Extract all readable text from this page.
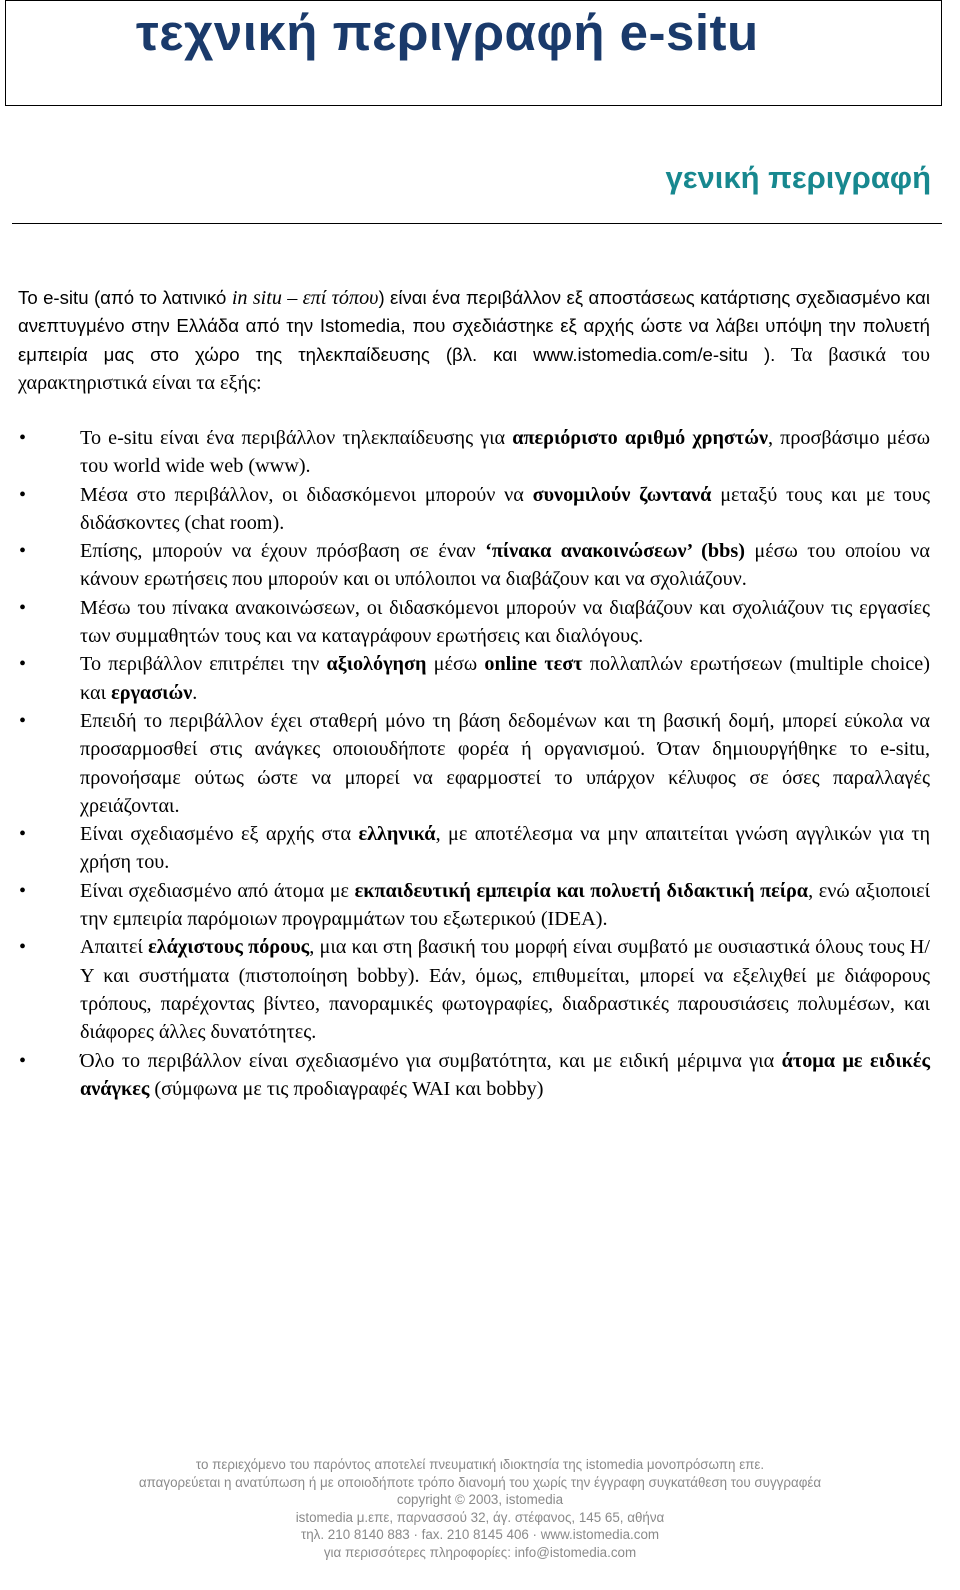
τεχνική περιγραφή e-situ
γενική περιγραφή

Το e-situ (από το λατινικό in situ – επί τόπου) είναι ένα περιβάλλον εξ αποστάσεως κατάρτισης σχεδιασμένο και ανεπτυγμένο στην Ελλάδα από την Istomedia, που σχεδιάστηκε εξ αρχής ώστε να λάβει υπόψη την πολυετή εμπειρία μας στο χώρο της τηλεκπαίδευσης (βλ. και www.istomedia.com/e-situ ). Τα βασικά του χαρακτηριστικά είναι τα εξής:

•	Το e-situ είναι ένα περιβάλλον τηλεκπαίδευσης για απεριόριστο αριθμό χρηστών, προσβάσιμο μέσω του world wide web (www).
•	Μέσα στο περιβάλλον, οι διδασκόμενοι μπορούν να συνομιλούν ζωντανά μεταξύ τους και με τους διδάσκοντες (chat room).
•	Επίσης, μπορούν να έχουν πρόσβαση σε έναν ‘πίνακα ανακοινώσεων’ (bbs) μέσω του οποίου να κάνουν ερωτήσεις που μπορούν και οι υπόλοιποι να διαβάζουν και να σχολιάζουν.
•	Μέσω του πίνακα ανακοινώσεων, οι διδασκόμενοι μπορούν να διαβάζουν και σχολιάζουν τις εργασίες των συμμαθητών τους και να καταγράφουν ερωτήσεις και διαλόγους.
•	Το περιβάλλον επιτρέπει την αξιολόγηση μέσω online τεστ πολλαπλών ερωτήσεων (multiple choice) και εργασιών.
•	Επειδή το περιβάλλον έχει σταθερή μόνο τη βάση δεδομένων και τη βασική δομή, μπορεί εύκολα να προσαρμοσθεί στις ανάγκες οποιουδήποτε φορέα ή οργανισμού. Όταν δημιουργήθηκε το e-situ, προνοήσαμε ούτως ώστε να μπορεί να εφαρμοστεί το υπάρχον κέλυφος σε όσες παραλλαγές χρειάζονται.
•	Είναι σχεδιασμένο εξ αρχής στα ελληνικά, με αποτέλεσμα να μην απαιτείται γνώση αγγλικών για τη χρήση του.
•	Είναι σχεδιασμένο από άτομα με εκπαιδευτική εμπειρία και πολυετή διδακτική πείρα, ενώ αξιοποιεί την εμπειρία παρόμοιων προγραμμάτων του εξωτερικού (IDEA).
•	Απαιτεί ελάχιστους πόρους, μια και στη βασική του μορφή είναι συμβατό με ουσιαστικά όλους τους Η/Υ και συστήματα (πιστοποίηση bobby). Εάν, όμως, επιθυμείται, μπορεί να εξελιχθεί με διάφορους τρόπους, παρέχοντας βίντεο, πανοραμικές φωτογραφίες, διαδραστικές παρουσιάσεις πολυμέσων, και διάφορες άλλες δυνατότητες.
•	Όλο το περιβάλλον είναι σχεδιασμένο για συμβατότητα, και με ειδική μέριμνα για άτομα με ειδικές ανάγκες (σύμφωνα με τις προδιαγραφές WAI και bobby)
το περιεχόμενο του παρόντος αποτελεί πνευματική ιδιοκτησία της istomedia μονοπρόσωπη επε.
απαγορεύεται η ανατύπωση ή με οποιοδήποτε τρόπο διανομή του χωρίς την έγγραφη συγκατάθεση του συγγραφέα
copyright © 2003, istomedia
istomedia μ.επε, παρνασσού 32, άγ. στέφανος, 145 65, αθήνα
τηλ. 210 8140 883 · fax. 210 8145 406 · www.istomedia.com
για περισσότερες πληροφορίες: info@istomedia.com
